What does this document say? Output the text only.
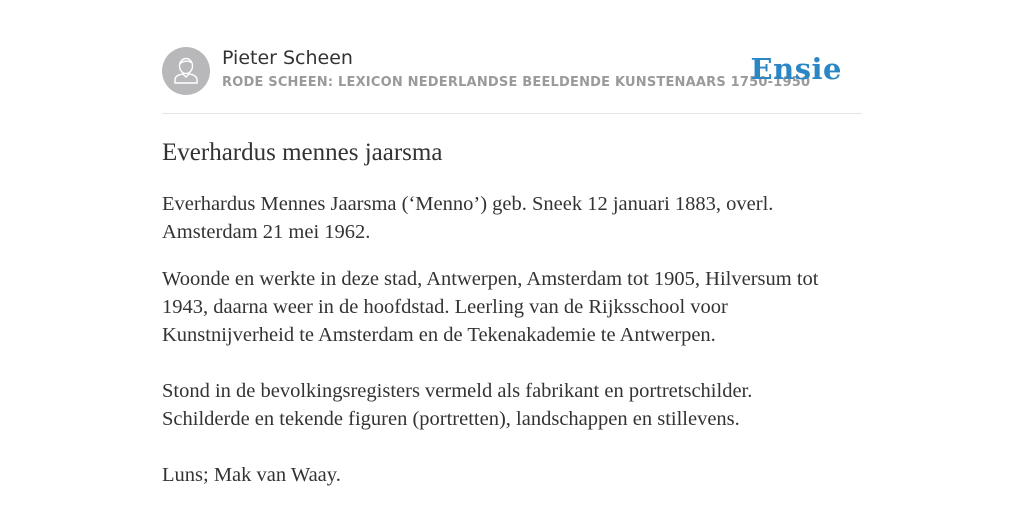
Pieter Scheen
RODE SCHEEN: LEXICON NEDERLANDSE BEELDENDE KUNSTENAARS 1750-1950
Ensie
Everhardus mennes jaarsma

Everhardus Mennes Jaarsma (‘Menno’) geb. Sneek 12 januari 1883, overl.
Amsterdam 21 mei 1962.

Woonde en werkte in deze stad, Antwerpen, Amsterdam tot 1905, Hilversum tot
1943, daarna weer in de hoofdstad. Leerling van de Rijksschool voor
Kunstnijverheid te Amsterdam en de Tekenakademie te Antwerpen.
Stond in de bevolkingsregisters vermeld als fabrikant en portretschilder.
Schilderde en tekende figuren (portretten), landschappen en stillevens.
Luns; Mak van Waay.
